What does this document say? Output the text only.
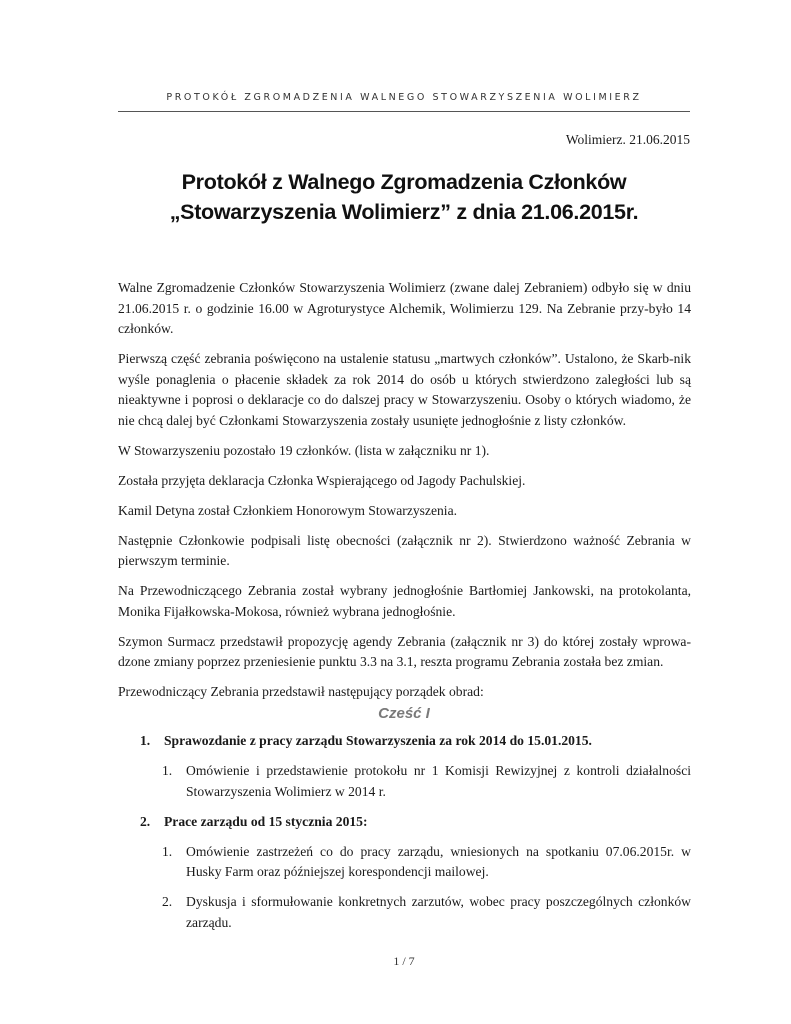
PROTOKÓŁ ZGROMADZENIA WALNEGO STOWARZYSZENIA WOLIMIERZ
Wolimierz. 21.06.2015
Protokół z Walnego Zgromadzenia Członków
„Stowarzyszenia Wolimierz” z dnia 21.06.2015r.

Walne Zgromadzenie Członków Stowarzyszenia Wolimierz (zwane dalej Zebraniem) odbyło się w dniu 21.06.2015 r. o godzinie 16.00 w Agroturystyce Alchemik, Wolimierzu 129. Na Zebranie przy-było 14 członków.

Pierwszą część zebrania poświęcono na ustalenie statusu „martwych członków”. Ustalono, że Skarb-nik wyśle ponaglenia o płacenie składek za rok 2014 do osób u których stwierdzono zaległości lub są nieaktywne i poprosi o deklaracje co do dalszej pracy w Stowarzyszeniu. Osoby o których wiadomo, że nie chcą dalej być Członkami Stowarzyszenia zostały usunięte jednogłośnie z listy członków.

W Stowarzyszeniu pozostało 19 członków. (lista w załączniku nr 1).

Została przyjęta deklaracja Członka Wspierającego od Jagody Pachulskiej.

Kamil Detyna został Członkiem Honorowym Stowarzyszenia.

Następnie Członkowie podpisali listę obecności (załącznik nr 2). Stwierdzono ważność Zebrania w pierwszym terminie.

Na Przewodniczącego Zebrania został wybrany jednogłośnie Bartłomiej Jankowski, na protokolanta, Monika Fijałkowska-Mokosa, również wybrana jednogłośnie.

Szymon Surmacz przedstawił propozycję agendy Zebrania (załącznik nr 3) do której zostały wprowa-dzone zmiany poprzez przeniesienie punktu 3.3 na 3.1, reszta programu Zebrania została bez zmian.

Przewodniczący Zebrania przedstawił następujący porządek obrad:

Cześć I
1. Sprawozdanie z pracy zarządu Stowarzyszenia za rok 2014 do 15.01.2015.
1. Omówienie i przedstawienie protokołu nr 1 Komisji Rewizyjnej z kontroli działalności Stowarzyszenia Wolimierz w 2014 r.
2. Prace zarządu od 15 stycznia 2015:
1. Omówienie zastrzeżeń co do pracy zarządu, wniesionych na spotkaniu 07.06.2015r. w Husky Farm oraz późniejszej korespondencji mailowej.
2. Dyskusja i sformułowanie konkretnych zarzutów, wobec pracy poszczególnych członków zarządu.
1 / 7
